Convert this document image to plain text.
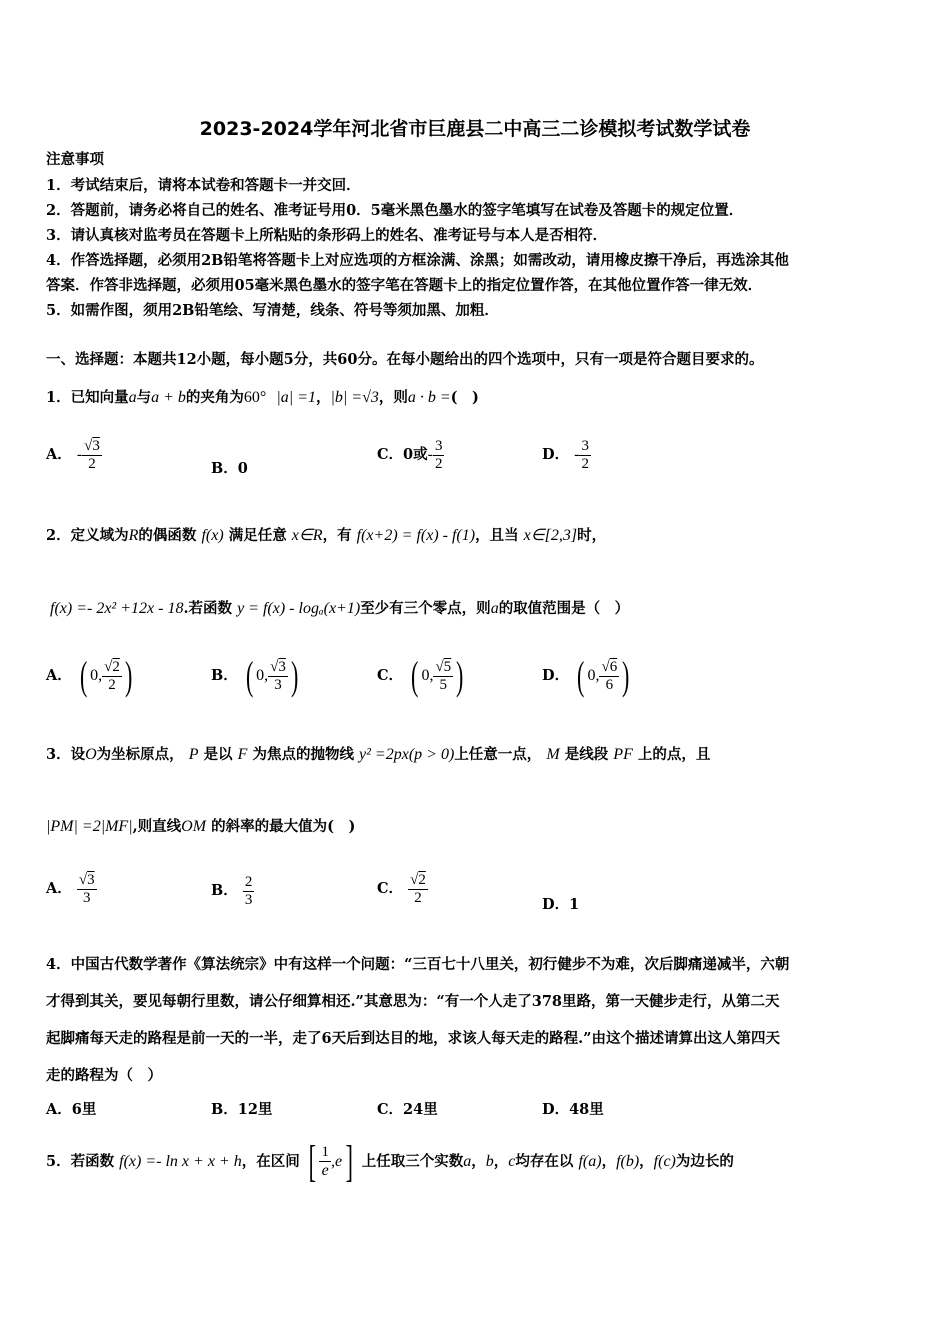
2023-2024学年河北省市巨鹿县二中高三二诊模拟考试数学试卷
注意事项
1．考试结束后，请将本试卷和答题卡一并交回．
2．答题前，请务必将自己的姓名、准考证号用0．5毫米黑色墨水的签字笔填写在试卷及答题卡的规定位置．
3．请认真核对监考员在答题卡上所粘贴的条形码上的姓名、准考证号与本人是否相符．
4．作答选择题，必须用2B铅笔将答题卡上对应选项的方框涂满、涂黑；如需改动，请用橡皮擦干净后，再选涂其他
答案．作答非选择题，必须用05毫米黑色墨水的签字笔在答题卡上的指定位置作答，在其他位置作答一律无效．
5．如需作图，须用2B铅笔绘、写清楚，线条、符号等须加黑、加粗．
一、选择题：本题共12小题，每小题5分，共60分。在每小题给出的四个选项中，只有一项是符合题目要求的。
1．已知向量a与a + b的夹角为60° |a| =1，|b| =√3，则a · b =(　)
A． - $\frac{√3}{2}$	B．0
C．0或- $\frac{3}{2}$	D． - $\frac{3}{2}$
2．定义域为R的偶函数 f(x) 满足任意 x∈R，有 f(x+2) = f(x) - f(1)，且当 x∈[2,3]时，
f(x) =- 2x² +12x - 18.若函数 y = f(x) - logₐ(x+1)至少有三个零点，则a的取值范围是（　）
A． ( 0, $\frac{√2}{2}$ )	B． ( 0, $\frac{√3}{3}$ )	C． ( 0, $\frac{√5}{5}$ )	D． ( 0, $\frac{√6}{6}$ )
3．设O为坐标原点， P 是以 F 为焦点的抛物线 y² =2px(p > 0)上任意一点， M 是线段 PF 上的点，且
|PM| =2|MF|,则直线OM 的斜率的最大值为(　)
A． $\frac{√3}{3}$	B． $\frac{2}{3}$	C． $\frac{√2}{2}$	D．1
4．中国古代数学著作《算法统宗》中有这样一个问题：“三百七十八里关，初行健步不为难，次后脚痛递减半，六朝
才得到其关，要见每朝行里数，请公仔细算相还.”其意思为：“有一个人走了378里路，第一天健步走行，从第二天
起脚痛每天走的路程是前一天的一半，走了6天后到达目的地，求该人每天走的路程.”由这个描述请算出这人第四天
走的路程为（　）
A．6里	B．12里	C．24里	D．48里
5．若函数 f(x) =- ln x + x + h，在区间 [ $\frac{1}{e} ,e$] 上任取三个实数a，b，c均存在以 f(a)，f(b)，f(c)为边长的
